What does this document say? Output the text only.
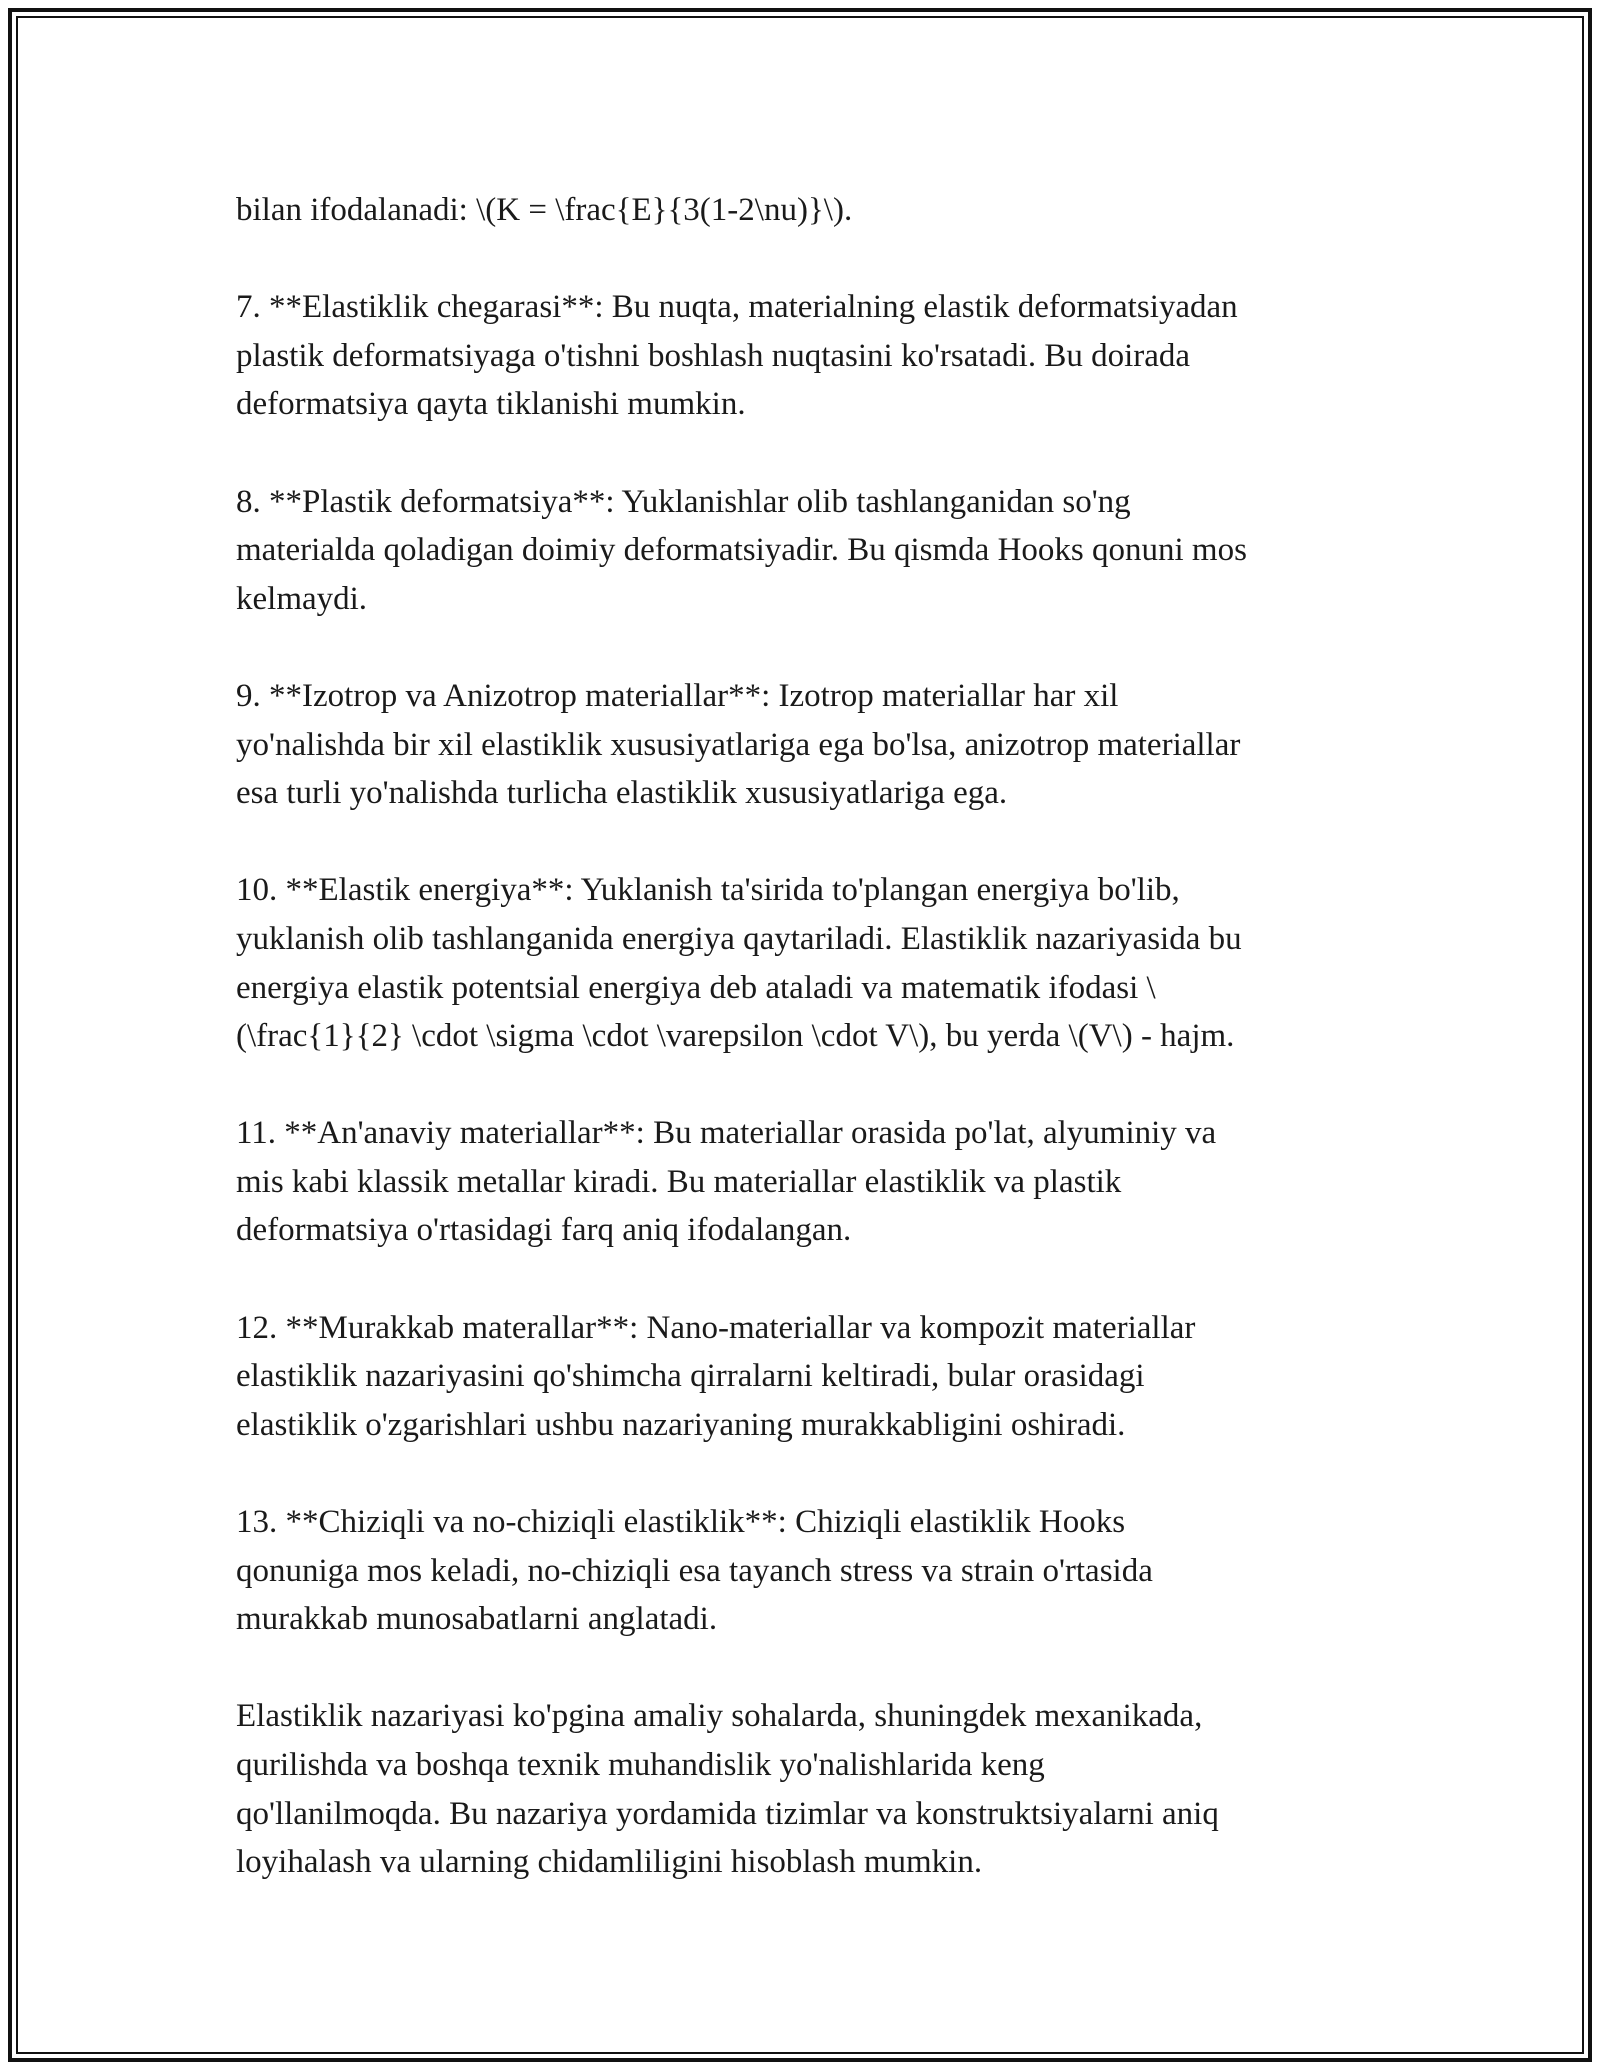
bilan ifodalanadi: \(K = \frac{E}{3(1-2\nu)}\).

7. **Elastiklik chegarasi**: Bu nuqta, materialning elastik deformatsiyadan
plastik deformatsiyaga o'tishni boshlash nuqtasini ko'rsatadi. Bu doirada
deformatsiya qayta tiklanishi mumkin.

8. **Plastik deformatsiya**: Yuklanishlar olib tashlanganidan so'ng
materialda qoladigan doimiy deformatsiyadir. Bu qismda Hooks qonuni mos
kelmaydi.

9. **Izotrop va Anizotrop materiallar**: Izotrop materiallar har xil
yo'nalishda bir xil elastiklik xususiyatlariga ega bo'lsa, anizotrop materiallar
esa turli yo'nalishda turlicha elastiklik xususiyatlariga ega.

10. **Elastik energiya**: Yuklanish ta'sirida to'plangan energiya bo'lib,
yuklanish olib tashlanganida energiya qaytariladi. Elastiklik nazariyasida bu
energiya elastik potentsial energiya deb ataladi va matematik ifodasi \
(\frac{1}{2} \cdot \sigma \cdot \varepsilon \cdot V\), bu yerda \(V\) - hajm.

11. **An'anaviy materiallar**: Bu materiallar orasida po'lat, alyuminiy va
mis kabi klassik metallar kiradi. Bu materiallar elastiklik va plastik
deformatsiya o'rtasidagi farq aniq ifodalangan.

12. **Murakkab materallar**: Nano-materiallar va kompozit materiallar
elastiklik nazariyasini qo'shimcha qirralarni keltiradi, bular orasidagi
elastiklik o'zgarishlari ushbu nazariyaning murakkabligini oshiradi.

13. **Chiziqli va no-chiziqli elastiklik**: Chiziqli elastiklik Hooks
qonuniga mos keladi, no-chiziqli esa tayanch stress va strain o'rtasida
murakkab munosabatlarni anglatadi.

Elastiklik nazariyasi ko'pgina amaliy sohalarda, shuningdek mexanikada,
qurilishda va boshqa texnik muhandislik yo'nalishlarida keng
qo'llanilmoqda. Bu nazariya yordamida tizimlar va konstruktsiyalarni aniq
loyihalash va ularning chidamliligini hisoblash mumkin.
